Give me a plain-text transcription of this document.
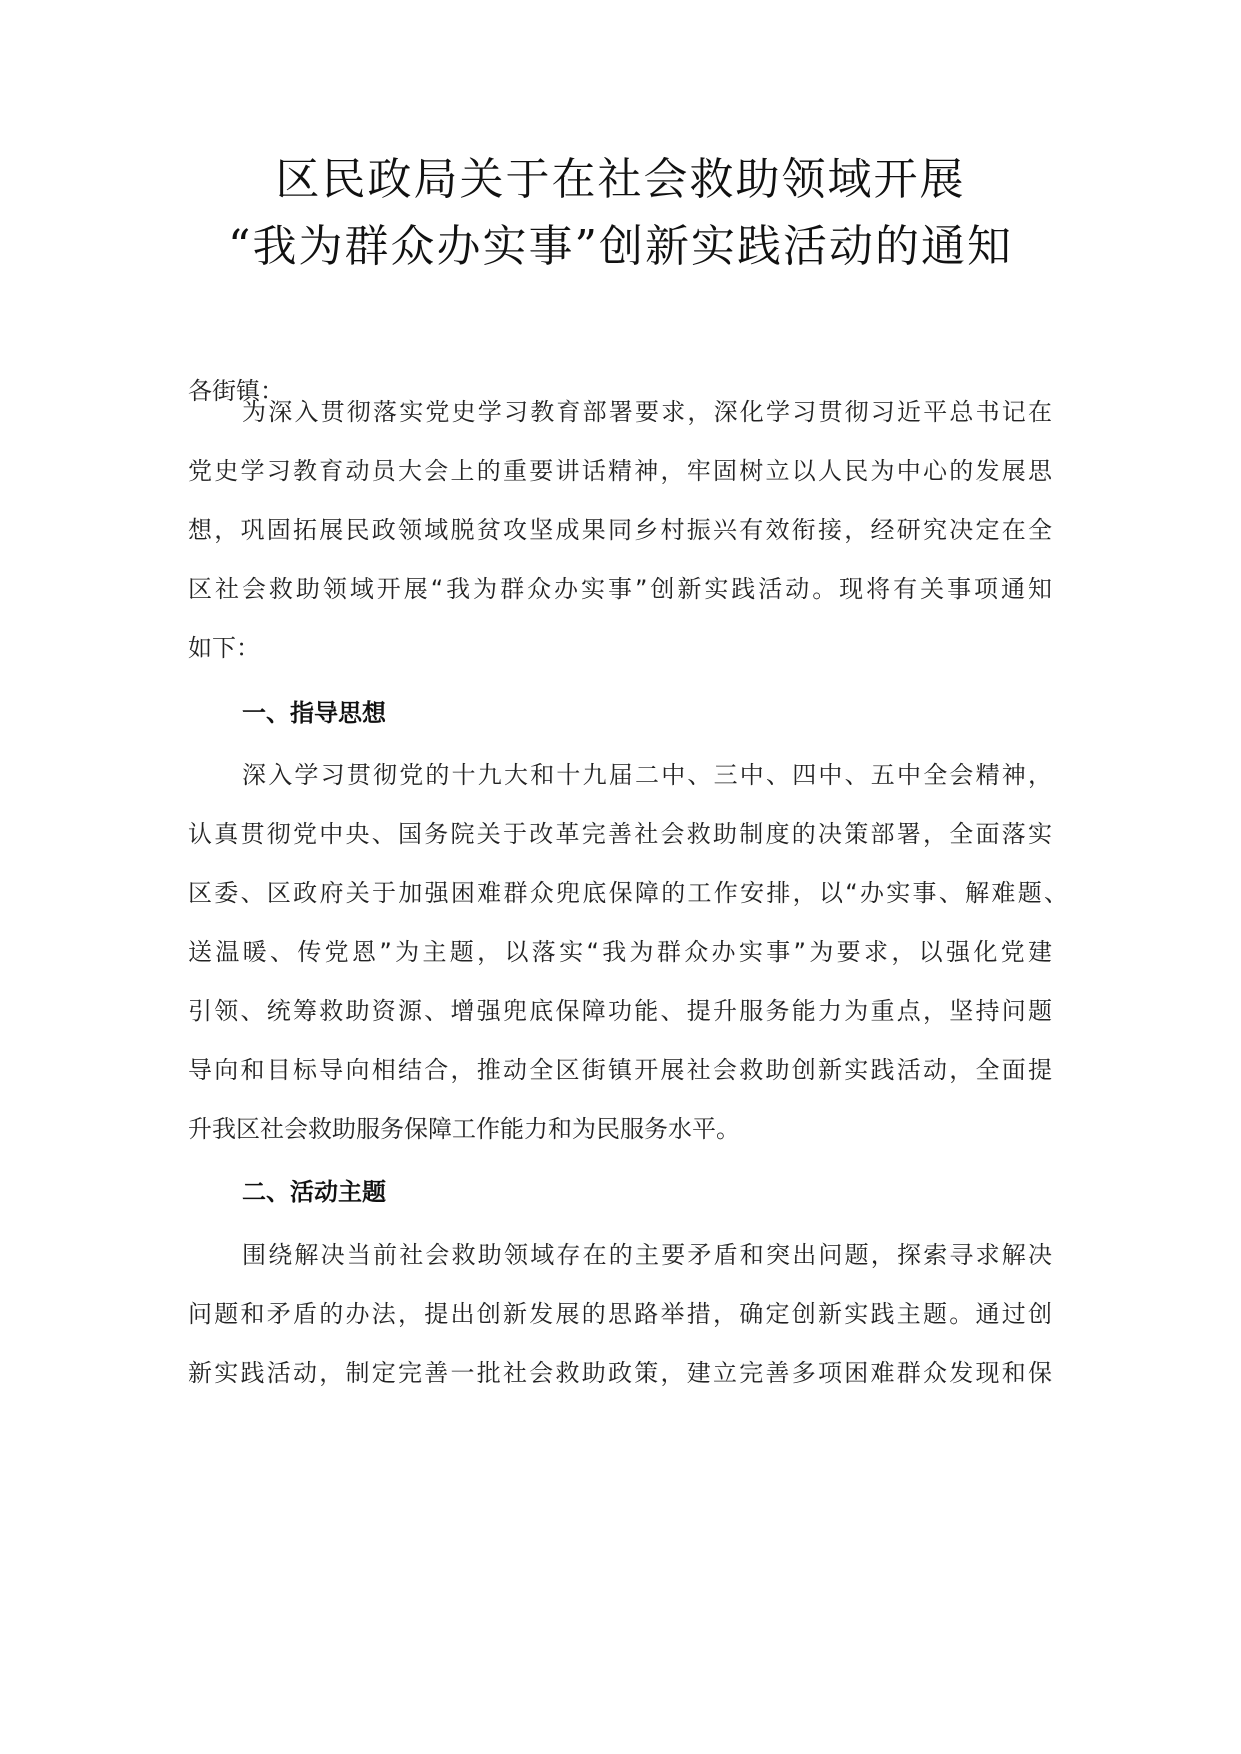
区民政局关于在社会救助领域开展
“我为群众办实事”创新实践活动的通知
各街镇：
为深入贯彻落实党史学习教育部署要求，深化学习贯彻习近平总书记在
党史学习教育动员大会上的重要讲话精神，牢固树立以人民为中心的发展思
想，巩固拓展民政领域脱贫攻坚成果同乡村振兴有效衔接，经研究决定在全
区社会救助领域开展“我为群众办实事”创新实践活动。现将有关事项通知
如下：
一、指导思想
深入学习贯彻党的十九大和十九届二中、三中、四中、五中全会精神，
认真贯彻党中央、国务院关于改革完善社会救助制度的决策部署，全面落实
区委、区政府关于加强困难群众兜底保障的工作安排，以“办实事、解难题、
送温暖、传党恩”为主题，以落实“我为群众办实事”为要求，以强化党建
引领、统筹救助资源、增强兜底保障功能、提升服务能力为重点，坚持问题
导向和目标导向相结合，推动全区街镇开展社会救助创新实践活动，全面提
升我区社会救助服务保障工作能力和为民服务水平。
二、活动主题
围绕解决当前社会救助领域存在的主要矛盾和突出问题，探索寻求解决
问题和矛盾的办法，提出创新发展的思路举措，确定创新实践主题。通过创
新实践活动，制定完善一批社会救助政策，建立完善多项困难群众发现和保
